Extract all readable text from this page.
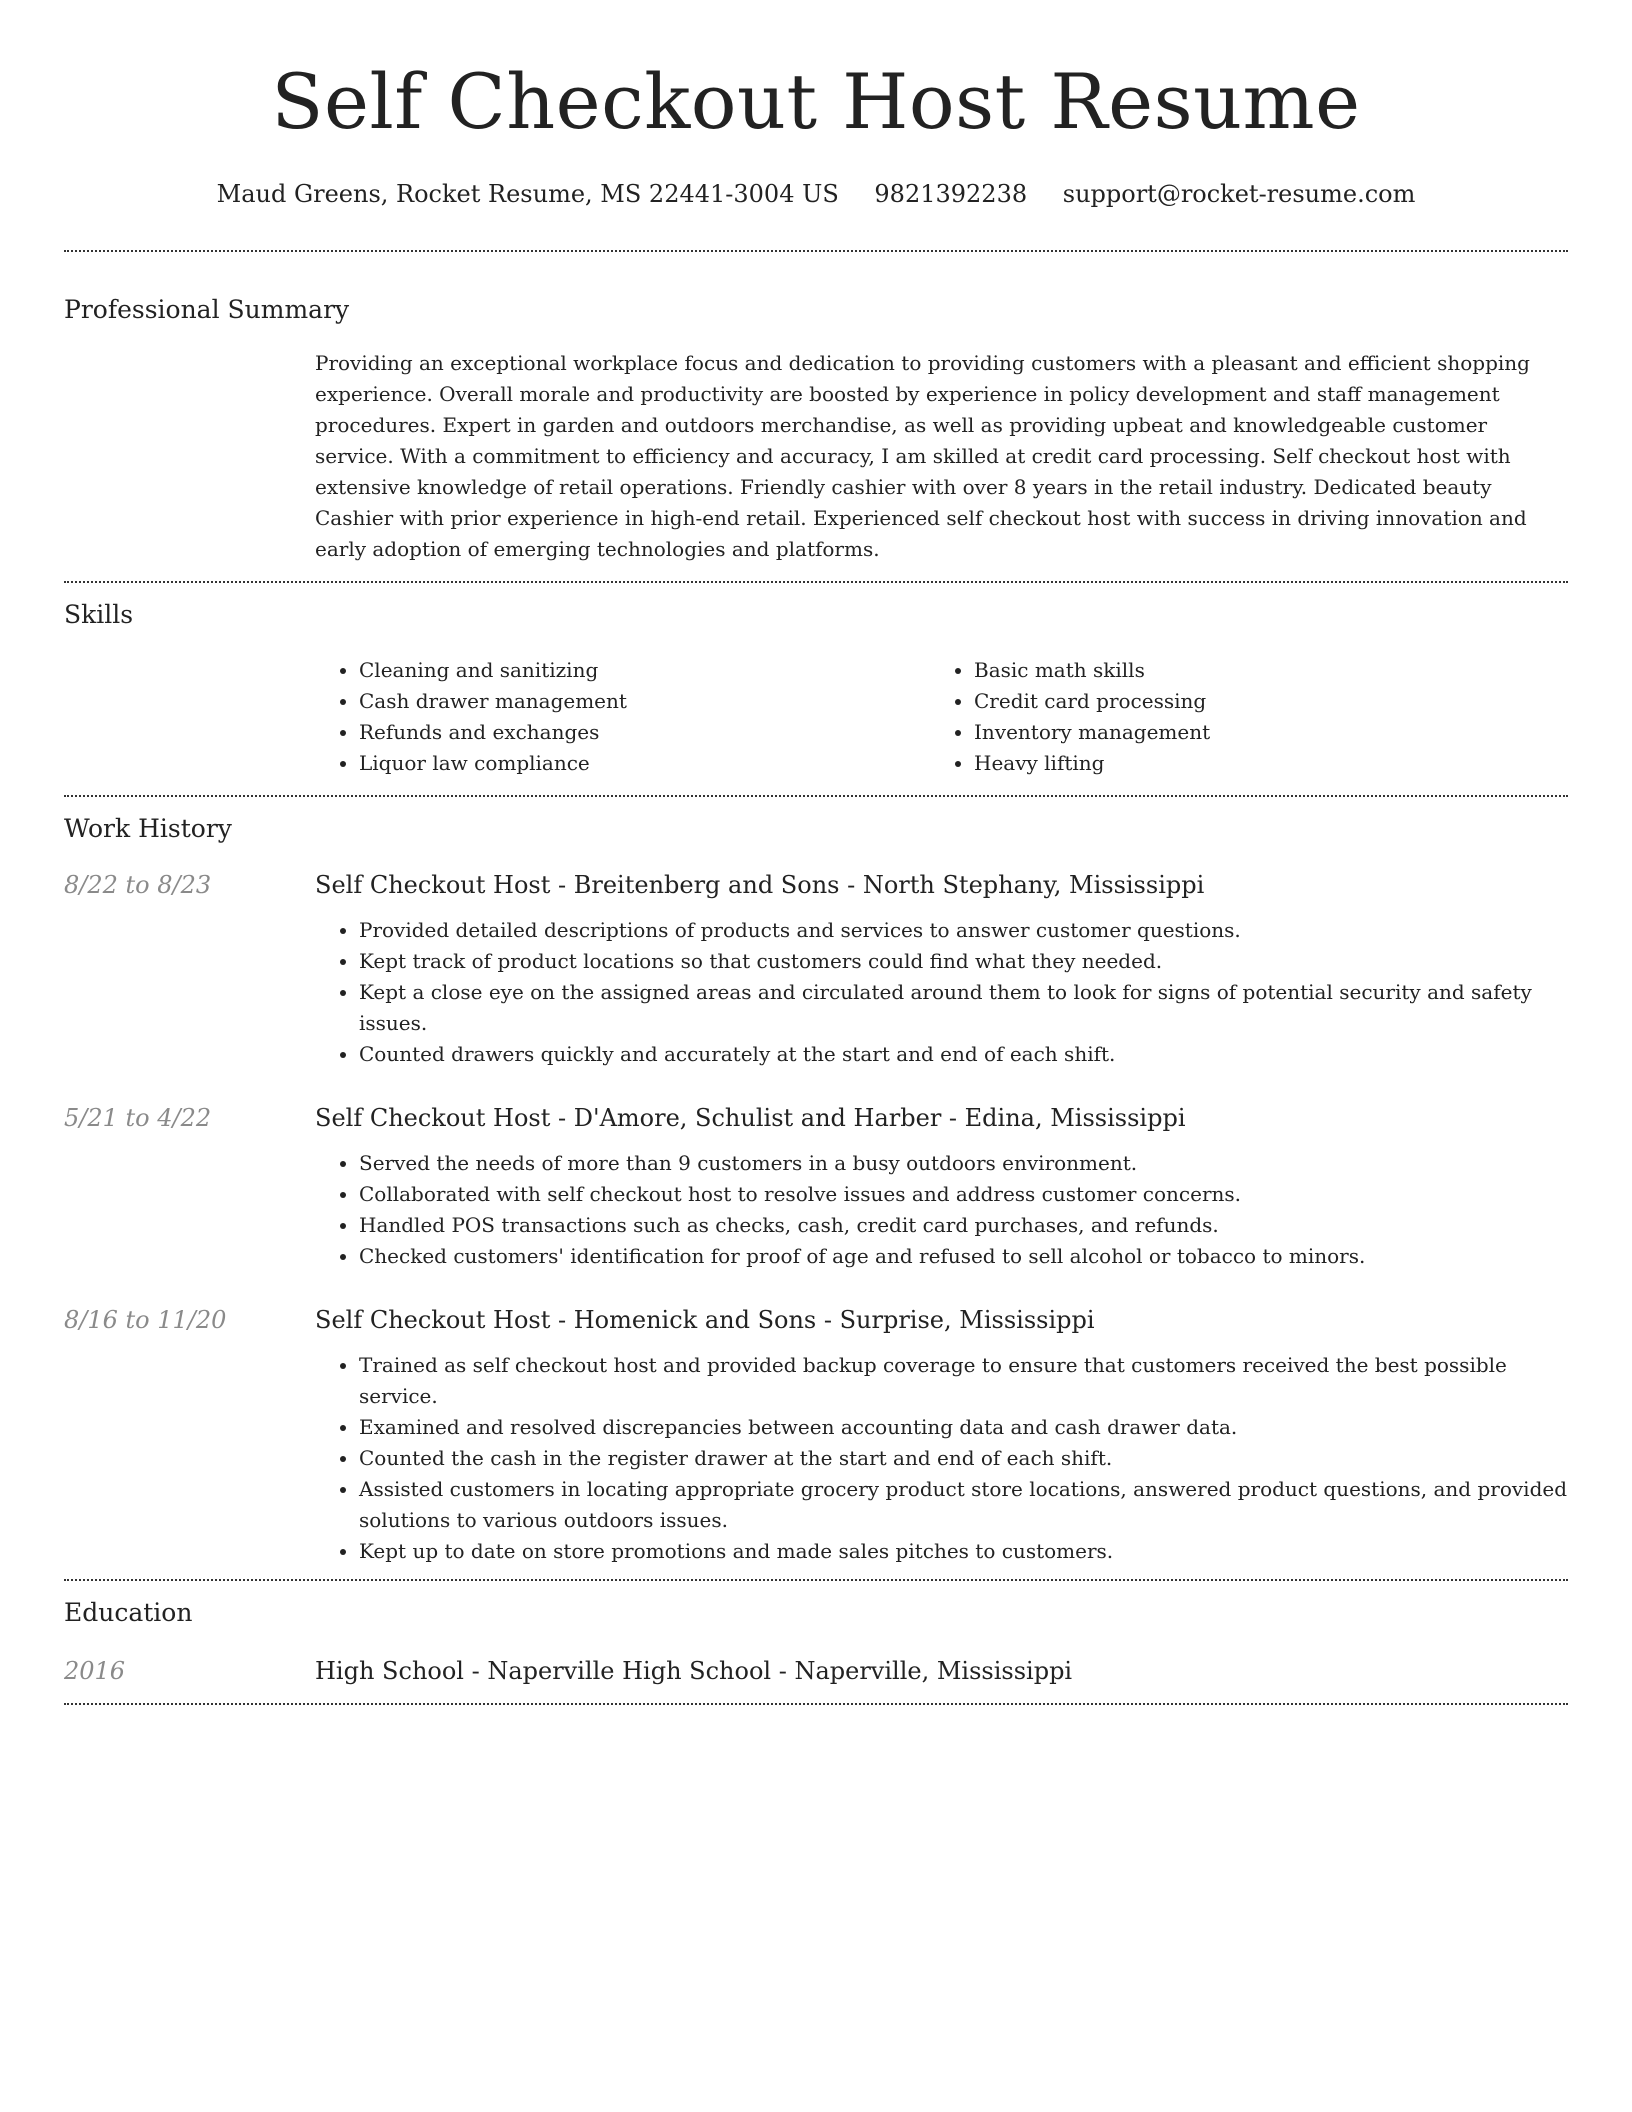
Self Checkout Host Resume
Maud Greens, Rocket Resume, MS 22441-3004 US 9821392238 support@rocket-resume.com
Professional Summary

Providing an exceptional workplace focus and dedication to providing customers with a pleasant and efficient shopping experience. Overall morale and productivity are boosted by experience in policy development and staff management procedures. Expert in garden and outdoors merchandise, as well as providing upbeat and knowledgeable customer service. With a commitment to efficiency and accuracy, I am skilled at credit card processing. Self checkout host with extensive knowledge of retail operations. Friendly cashier with over 8 years in the retail industry. Dedicated beauty Cashier with prior experience in high-end retail. Experienced self checkout host with success in driving innovation and early adoption of emerging technologies and platforms.

Skills
• Cleaning and sanitizing
• Cash drawer management
• Refunds and exchanges
• Liquor law compliance
• Basic math skills
• Credit card processing
• Inventory management
• Heavy lifting
Work History
8/22 to 8/23	Self Checkout Host - Breitenberg and Sons - North Stephany, Mississippi
• Provided detailed descriptions of products and services to answer customer questions.
• Kept track of product locations so that customers could find what they needed.
• Kept a close eye on the assigned areas and circulated around them to look for signs of potential security and safety issues.
• Counted drawers quickly and accurately at the start and end of each shift.
5/21 to 4/22	Self Checkout Host - D'Amore, Schulist and Harber - Edina, Mississippi
• Served the needs of more than 9 customers in a busy outdoors environment.
• Collaborated with self checkout host to resolve issues and address customer concerns.
• Handled POS transactions such as checks, cash, credit card purchases, and refunds.
• Checked customers' identification for proof of age and refused to sell alcohol or tobacco to minors.
8/16 to 11/20	Self Checkout Host - Homenick and Sons - Surprise, Mississippi
• Trained as self checkout host and provided backup coverage to ensure that customers received the best possible service.
• Examined and resolved discrepancies between accounting data and cash drawer data.
• Counted the cash in the register drawer at the start and end of each shift.
• Assisted customers in locating appropriate grocery product store locations, answered product questions, and provided solutions to various outdoors issues.
• Kept up to date on store promotions and made sales pitches to customers.
Education
2016	High School - Naperville High School - Naperville, Mississippi
